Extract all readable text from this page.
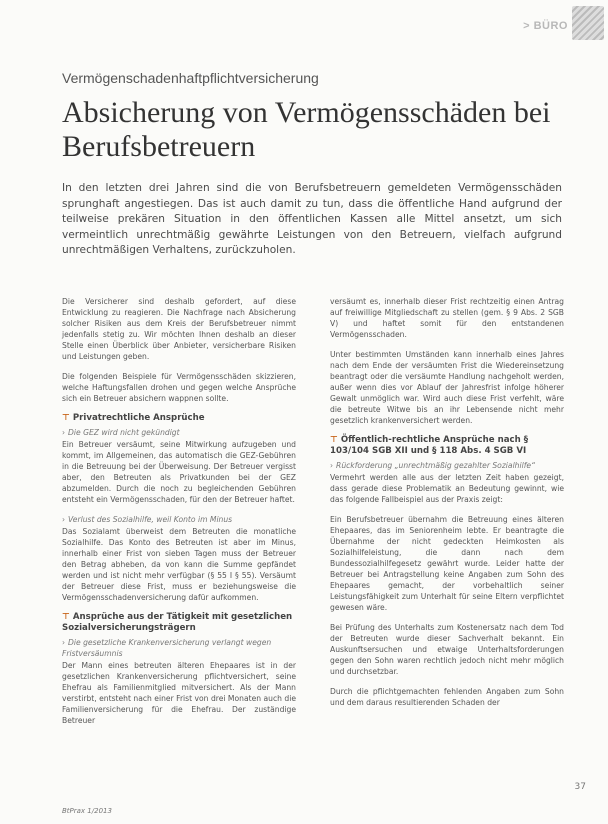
> BÜRO
Vermögenschadenhaftpflichtversicherung
Absicherung von Vermögensschäden bei Berufsbetreuern

In den letzten drei Jahren sind die von Berufsbetreuern gemeldeten Vermögensschäden sprunghaft angestiegen. Das ist auch damit zu tun, dass die öffentliche Hand aufgrund der teilweise prekären Situation in den öffentlichen Kassen alle Mittel ansetzt, um sich vermeintlich unrechtmäßig gewährte Leistungen von den Betreuern, vielfach aufgrund unrechtmäßigen Verhaltens, zurückzuholen.

Die Versicherer sind deshalb gefordert, auf diese Entwicklung zu reagieren. Die Nachfrage nach Absicherung solcher Risiken aus dem Kreis der Berufsbetreuer nimmt jedenfalls stetig zu. Wir möchten Ihnen deshalb an dieser Stelle einen Überblick über Anbieter, versicherbare Risiken und Leistungen geben.

Die folgenden Beispiele für Vermögensschäden skizzieren, welche Haftungsfallen drohen und gegen welche Ansprüche sich ein Betreuer absichern wappnen sollte.

⊤ Privatrechtliche Ansprüche
› Die GEZ wird nicht gekündigt

Ein Betreuer versäumt, seine Mitwirkung aufzugeben und kommt, im Allgemeinen, das automatisch die GEZ-Gebühren in die Betreuung bei der Überweisung. Der Betreuer vergisst aber, den Betreuten als Privatkunden bei der GEZ abzumelden. Durch die noch zu begleichenden Gebühren entsteht ein Vermögensschaden, für den der Betreuer haftet.

› Verlust des Sozialhilfe, weil Konto im Minus

Das Sozialamt überweist dem Betreuten die monatliche Sozialhilfe. Das Konto des Betreuten ist aber im Minus, innerhalb einer Frist von sieben Tagen muss der Betreuer den Betrag abheben, da von kann die Summe gepfändet werden und ist nicht mehr verfügbar (§ 55 I § 55). Versäumt der Betreuer diese Frist, muss er beziehungsweise die Vermögensschadenversicherung dafür aufkommen.

⊤ Ansprüche aus der Tätigkeit mit gesetzlichen Sozialversicherungsträgern
› Die gesetzliche Krankenversicherung verlangt wegen Fristversäumnis

Der Mann eines betreuten älteren Ehepaares ist in der gesetzlichen Krankenversicherung pflichtversichert, seine Ehefrau als Familienmitglied mitversichert. Als der Mann verstirbt, entsteht nach einer Frist von drei Monaten auch die Familienversicherung für die Ehefrau. Der zuständige Betreuer

versäumt es, innerhalb dieser Frist rechtzeitig einen Antrag auf freiwillige Mitgliedschaft zu stellen (gem. § 9 Abs. 2 SGB V) und haftet somit für den entstandenen Vermögensschaden.

Unter bestimmten Umständen kann innerhalb eines Jahres nach dem Ende der versäumten Frist die Wiedereinsetzung beantragt oder die versäumte Handlung nachgeholt werden, außer wenn dies vor Ablauf der Jahresfrist infolge höherer Gewalt unmöglich war. Wird auch diese Frist verfehlt, wäre die betreute Witwe bis an ihr Lebensende nicht mehr gesetzlich krankenversichert werden.

⊤ Öffentlich-rechtliche Ansprüche nach § 103/104 SGB XII und § 118 Abs. 4 SGB VI
› Rückforderung „unrechtmäßig gezahlter Sozialhilfe“

Vermehrt werden alle aus der letzten Zeit haben gezeigt, dass gerade diese Problematik an Bedeutung gewinnt, wie das folgende Fallbeispiel aus der Praxis zeigt:

Ein Berufsbetreuer übernahm die Betreuung eines älteren Ehepaares, das im Seniorenheim lebte. Er beantragte die Übernahme der nicht gedeckten Heimkosten als Sozialhilfeleistung, die dann nach dem Bundessozialhilfegesetz gewährt wurde. Leider hatte der Betreuer bei Antragstellung keine Angaben zum Sohn des Ehepaares gemacht, der vorbehaltlich seiner Leistungsfähigkeit zum Unterhalt für seine Eltern verpflichtet gewesen wäre.

Bei Prüfung des Unterhalts zum Kostenersatz nach dem Tod der Betreuten wurde dieser Sachverhalt bekannt. Ein Auskunftsersuchen und etwaige Unterhaltsforderungen gegen den Sohn waren rechtlich jedoch nicht mehr möglich und durchsetzbar.

Durch die pflichtgemachten fehlenden Angaben zum Sohn und dem daraus resultierenden Schaden der

BtPrax 1/2013
37
